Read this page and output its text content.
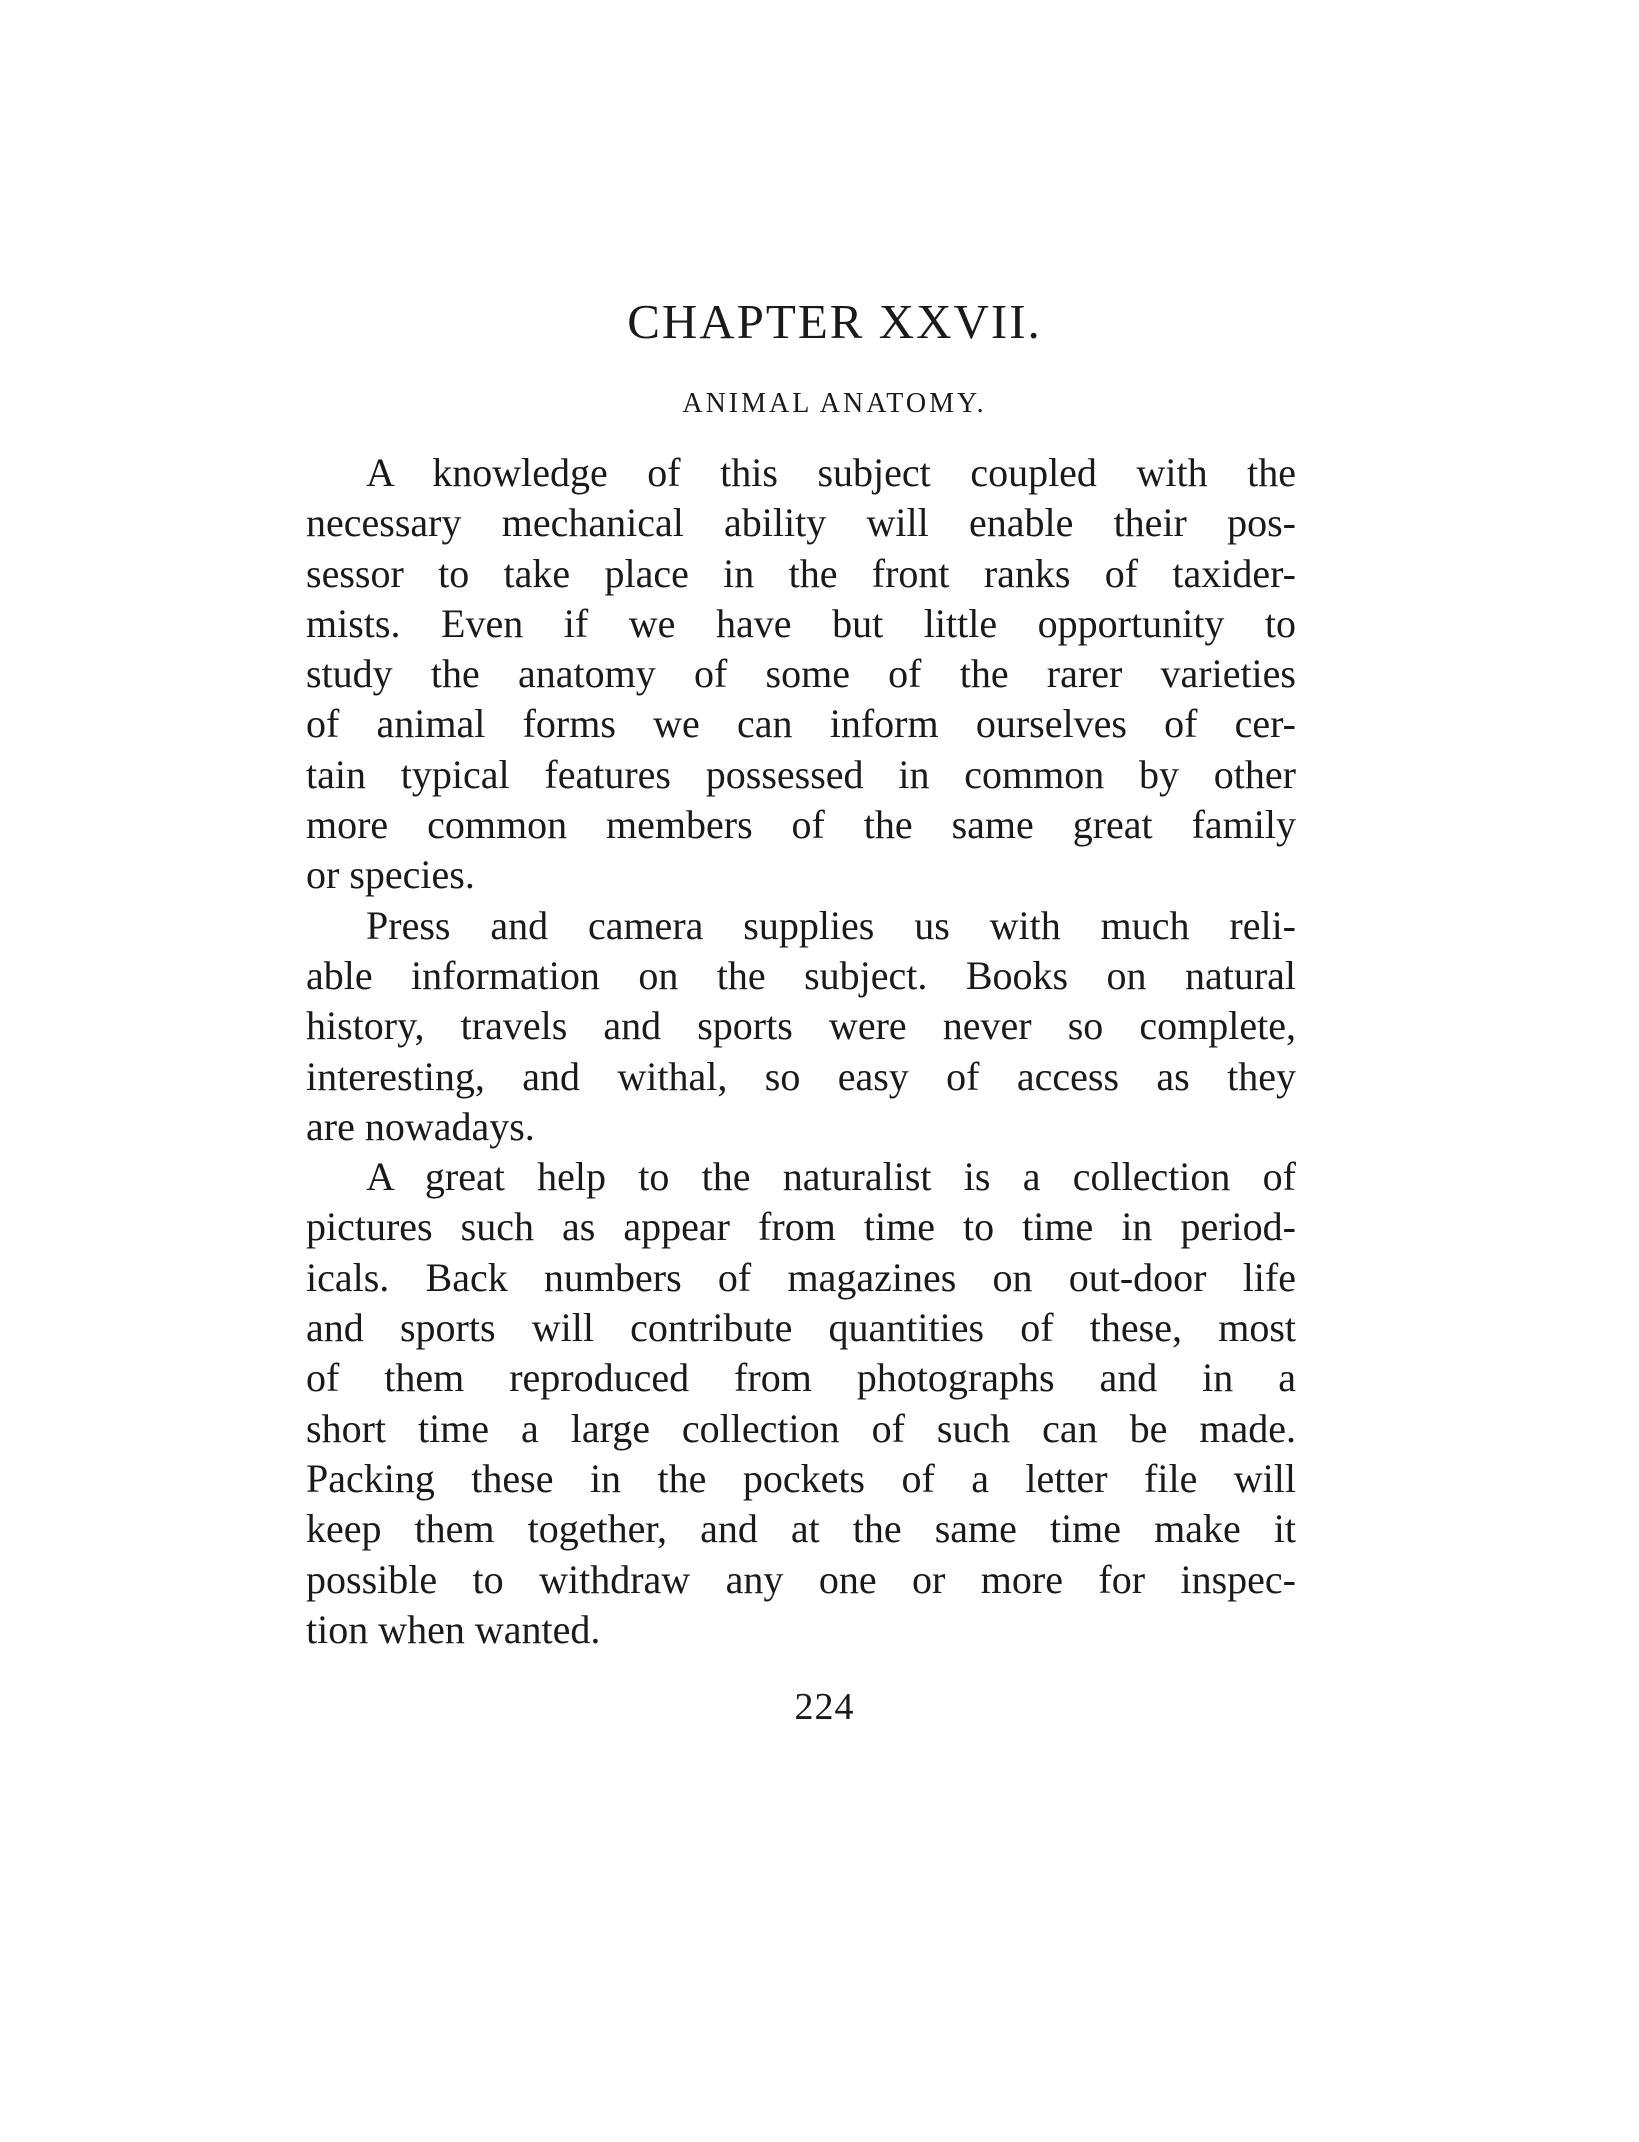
CHAPTER XXVII.
ANIMAL ANATOMY.
A knowledge of this subject coupled with the
necessary mechanical ability will enable their pos-
sessor to take place in the front ranks of taxider-
mists. Even if we have but little opportunity to
study the anatomy of some of the rarer varieties
of animal forms we can inform ourselves of cer-
tain typical features possessed in common by other
more common members of the same great family
or species.
Press and camera supplies us with much reli-
able information on the subject. Books on natural
history, travels and sports were never so complete,
interesting, and withal, so easy of access as they
are nowadays.
A great help to the naturalist is a collection of
pictures such as appear from time to time in period-
icals. Back numbers of magazines on out-door life
and sports will contribute quantities of these, most
of them reproduced from photographs and in a
short time a large collection of such can be made.
Packing these in the pockets of a letter file will
keep them together, and at the same time make it
possible to withdraw any one or more for inspec-
tion when wanted.
224
